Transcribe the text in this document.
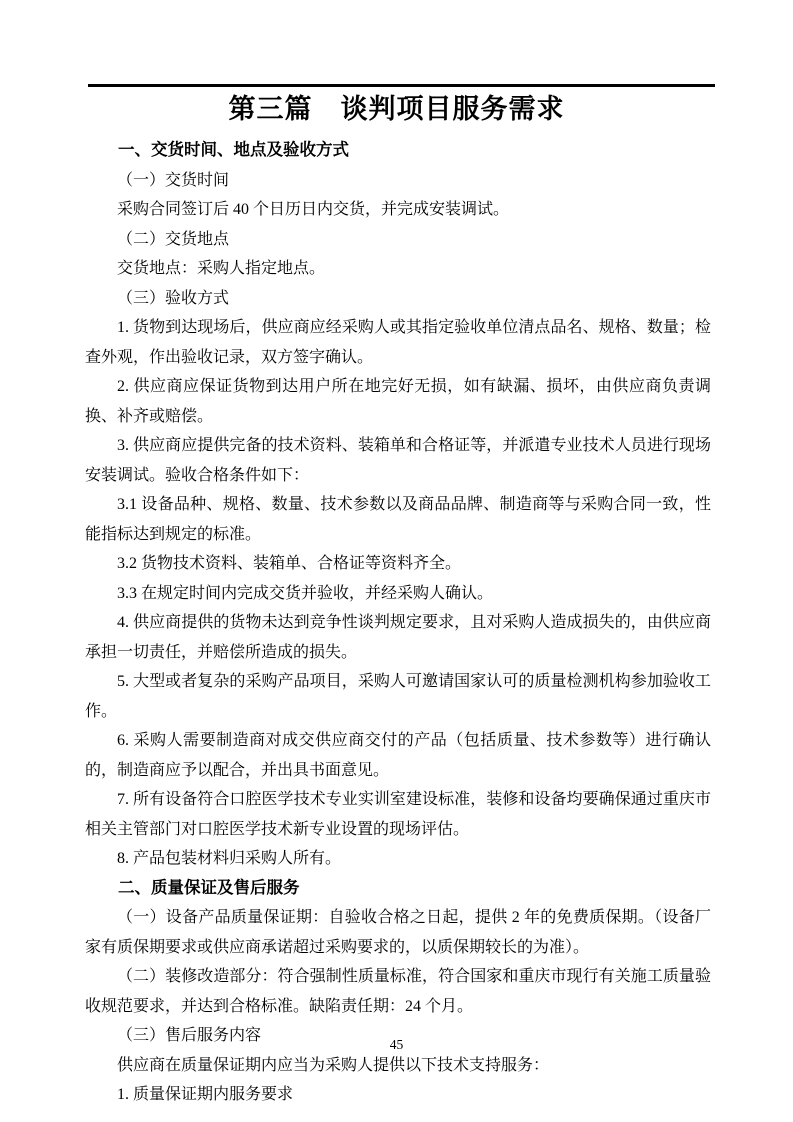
第三篇　谈判项目服务需求

一、交货时间、地点及验收方式

（一）交货时间

采购合同签订后 40 个日历日内交货，并完成安装调试。

（二）交货地点

交货地点：采购人指定地点。

（三）验收方式

1. 货物到达现场后，供应商应经采购人或其指定验收单位清点品名、规格、数量；检查外观，作出验收记录，双方签字确认。

2. 供应商应保证货物到达用户所在地完好无损，如有缺漏、损坏，由供应商负责调换、补齐或赔偿。

3. 供应商应提供完备的技术资料、装箱单和合格证等，并派遣专业技术人员进行现场安装调试。验收合格条件如下：

3.1 设备品种、规格、数量、技术参数以及商品品牌、制造商等与采购合同一致，性能指标达到规定的标准。

3.2 货物技术资料、装箱单、合格证等资料齐全。

3.3 在规定时间内完成交货并验收，并经采购人确认。

4. 供应商提供的货物未达到竞争性谈判规定要求，且对采购人造成损失的，由供应商承担一切责任，并赔偿所造成的损失。

5. 大型或者复杂的采购产品项目，采购人可邀请国家认可的质量检测机构参加验收工作。

6. 采购人需要制造商对成交供应商交付的产品（包括质量、技术参数等）进行确认的，制造商应予以配合，并出具书面意见。

7. 所有设备符合口腔医学技术专业实训室建设标准，装修和设备均要确保通过重庆市相关主管部门对口腔医学技术新专业设置的现场评估。

8. 产品包装材料归采购人所有。

二、质量保证及售后服务

（一）设备产品质量保证期：自验收合格之日起，提供 2 年的免费质保期。（设备厂家有质保期要求或供应商承诺超过采购要求的，以质保期较长的为准）。

（二）装修改造部分：符合强制性质量标准，符合国家和重庆市现行有关施工质量验收规范要求，并达到合格标准。缺陷责任期：24 个月。

（三）售后服务内容

供应商在质量保证期内应当为采购人提供以下技术支持服务：

1. 质量保证期内服务要求

45
